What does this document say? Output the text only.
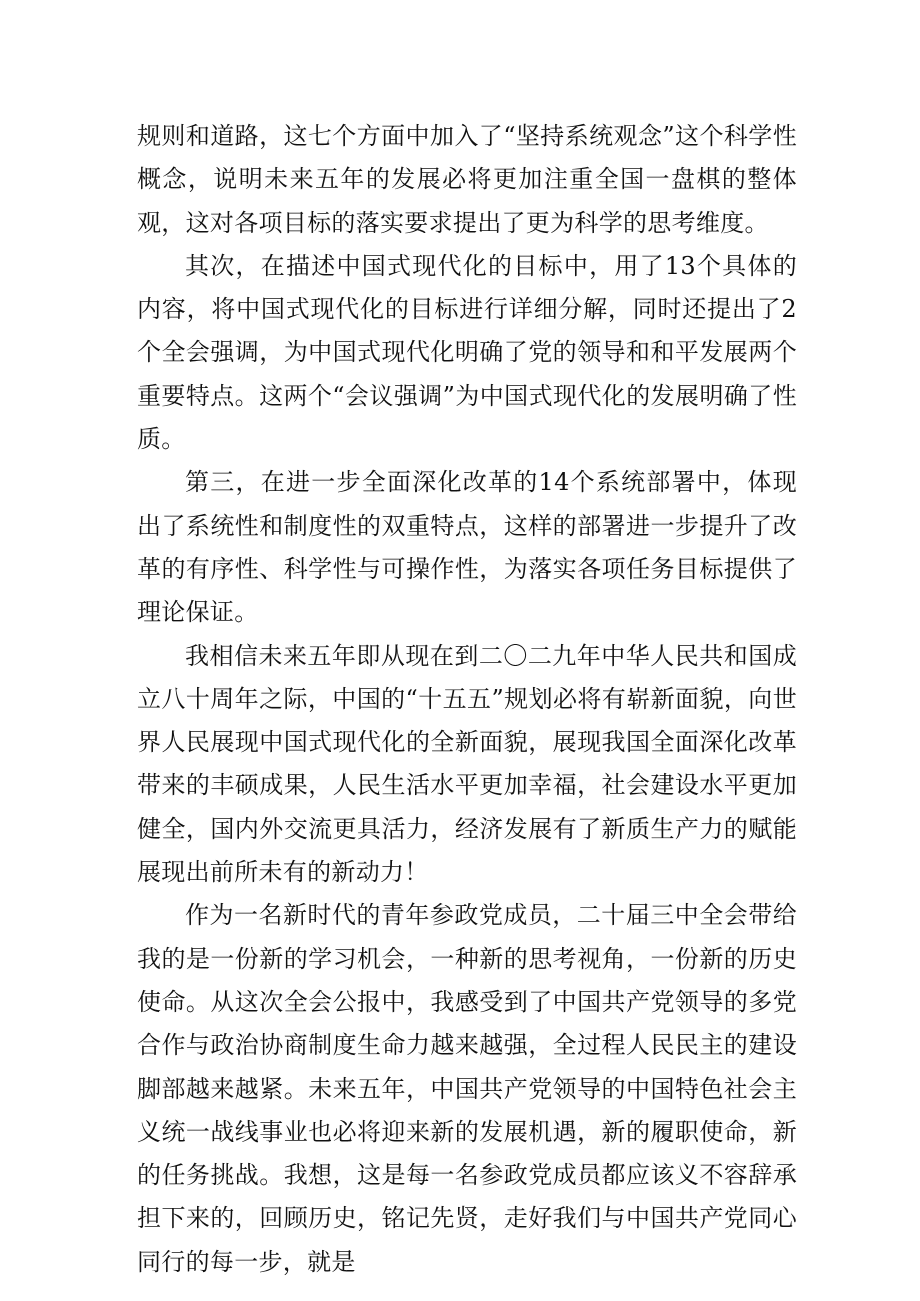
规则和道路，这七个方面中加入了“坚持系统观念”这个科学性概念，说明未来五年的发展必将更加注重全国一盘棋的整体观，这对各项目标的落实要求提出了更为科学的思考维度。

其次，在描述中国式现代化的目标中，用了13个具体的内容，将中国式现代化的目标进行详细分解，同时还提出了2个全会强调，为中国式现代化明确了党的领导和和平发展两个重要特点。这两个“会议强调”为中国式现代化的发展明确了性质。

第三，在进一步全面深化改革的14个系统部署中，体现出了系统性和制度性的双重特点，这样的部署进一步提升了改革的有序性、科学性与可操作性，为落实各项任务目标提供了理论保证。

我相信未来五年即从现在到二〇二九年中华人民共和国成立八十周年之际，中国的“十五五”规划必将有崭新面貌，向世界人民展现中国式现代化的全新面貌，展现我国全面深化改革带来的丰硕成果，人民生活水平更加幸福，社会建设水平更加健全，国内外交流更具活力，经济发展有了新质生产力的赋能展现出前所未有的新动力！

作为一名新时代的青年参政党成员，二十届三中全会带给我的是一份新的学习机会，一种新的思考视角，一份新的历史使命。从这次全会公报中，我感受到了中国共产党领导的多党合作与政治协商制度生命力越来越强，全过程人民民主的建设脚部越来越紧。未来五年，中国共产党领导的中国特色社会主义统一战线事业也必将迎来新的发展机遇，新的履职使命，新的任务挑战。我想，这是每一名参政党成员都应该义不容辞承担下来的，回顾历史，铭记先贤，走好我们与中国共产党同心同行的每一步，就是
